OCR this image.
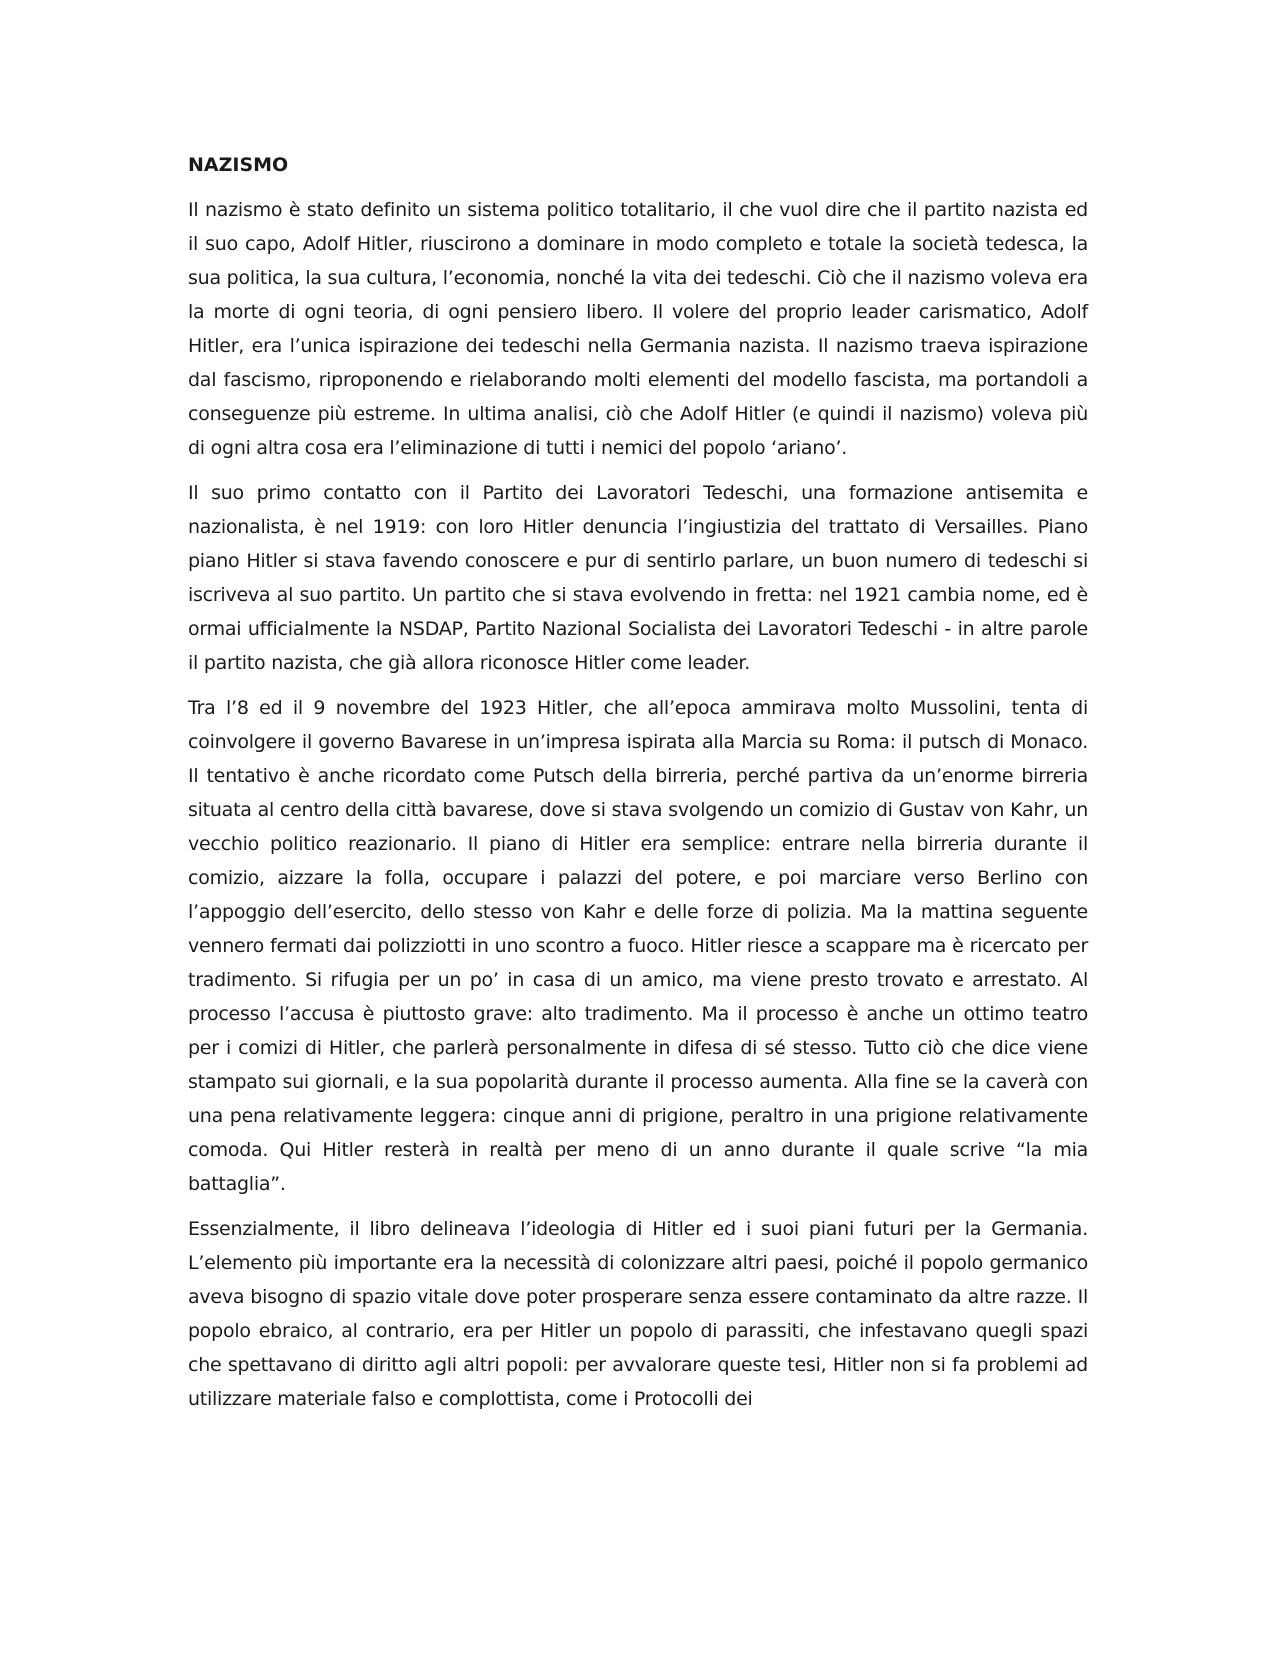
NAZISMO

Il nazismo è stato definito un sistema politico totalitario, il che vuol dire che il partito nazista ed il suo capo, Adolf Hitler, riuscirono a dominare in modo completo e totale la società tedesca, la sua politica, la sua cultura, l’economia, nonché la vita dei tedeschi. Ciò che il nazismo voleva era la morte di ogni teoria, di ogni pensiero libero. Il volere del proprio leader carismatico, Adolf Hitler, era l’unica ispirazione dei tedeschi nella Germania nazista. Il nazismo traeva ispirazione dal fascismo, riproponendo e rielaborando molti elementi del modello fascista, ma portandoli a conseguenze più estreme. In ultima analisi, ciò che Adolf Hitler (e quindi il nazismo) voleva più di ogni altra cosa era l’eliminazione di tutti i nemici del popolo ‘ariano’.

Il suo primo contatto con il Partito dei Lavoratori Tedeschi, una formazione antisemita e nazionalista, è nel 1919: con loro Hitler denuncia l’ingiustizia del trattato di Versailles. Piano piano Hitler si stava favendo conoscere e pur di sentirlo parlare, un buon numero di tedeschi si iscriveva al suo partito. Un partito che si stava evolvendo in fretta: nel 1921 cambia nome, ed è ormai ufficialmente la NSDAP, Partito Nazional Socialista dei Lavoratori Tedeschi - in altre parole il partito nazista, che già allora riconosce Hitler come leader.

Tra l’8 ed il 9 novembre del 1923 Hitler, che all’epoca ammirava molto Mussolini, tenta di coinvolgere il governo Bavarese in un’impresa ispirata alla Marcia su Roma: il putsch di Monaco. Il tentativo è anche ricordato come Putsch della birreria, perché partiva da un’enorme birreria situata al centro della città bavarese, dove si stava svolgendo un comizio di Gustav von Kahr, un vecchio politico reazionario. Il piano di Hitler era semplice: entrare nella birreria durante il comizio, aizzare la folla, occupare i palazzi del potere, e poi marciare verso Berlino con l’appoggio dell’esercito, dello stesso von Kahr e delle forze di polizia. Ma la mattina seguente vennero fermati dai polizziotti in uno scontro a fuoco. Hitler riesce a scappare ma è ricercato per tradimento. Si rifugia per un po’ in casa di un amico, ma viene presto trovato e arrestato. Al processo l’accusa è piuttosto grave: alto tradimento. Ma il processo è anche un ottimo teatro per i comizi di Hitler, che parlerà personalmente in difesa di sé stesso. Tutto ciò che dice viene stampato sui giornali, e la sua popolarità durante il processo aumenta. Alla fine se la caverà con una pena relativamente leggera: cinque anni di prigione, peraltro in una prigione relativamente comoda. Qui Hitler resterà in realtà per meno di un anno durante il quale scrive “la mia battaglia”.

Essenzialmente, il libro delineava l’ideologia di Hitler ed i suoi piani futuri per la Germania. L’elemento più importante era la necessità di colonizzare altri paesi, poiché il popolo germanico aveva bisogno di spazio vitale dove poter prosperare senza essere contaminato da altre razze. Il popolo ebraico, al contrario, era per Hitler un popolo di parassiti, che infestavano quegli spazi che spettavano di diritto agli altri popoli: per avvalorare queste tesi, Hitler non si fa problemi ad utilizzare materiale falso e complottista, come i Protocolli dei
